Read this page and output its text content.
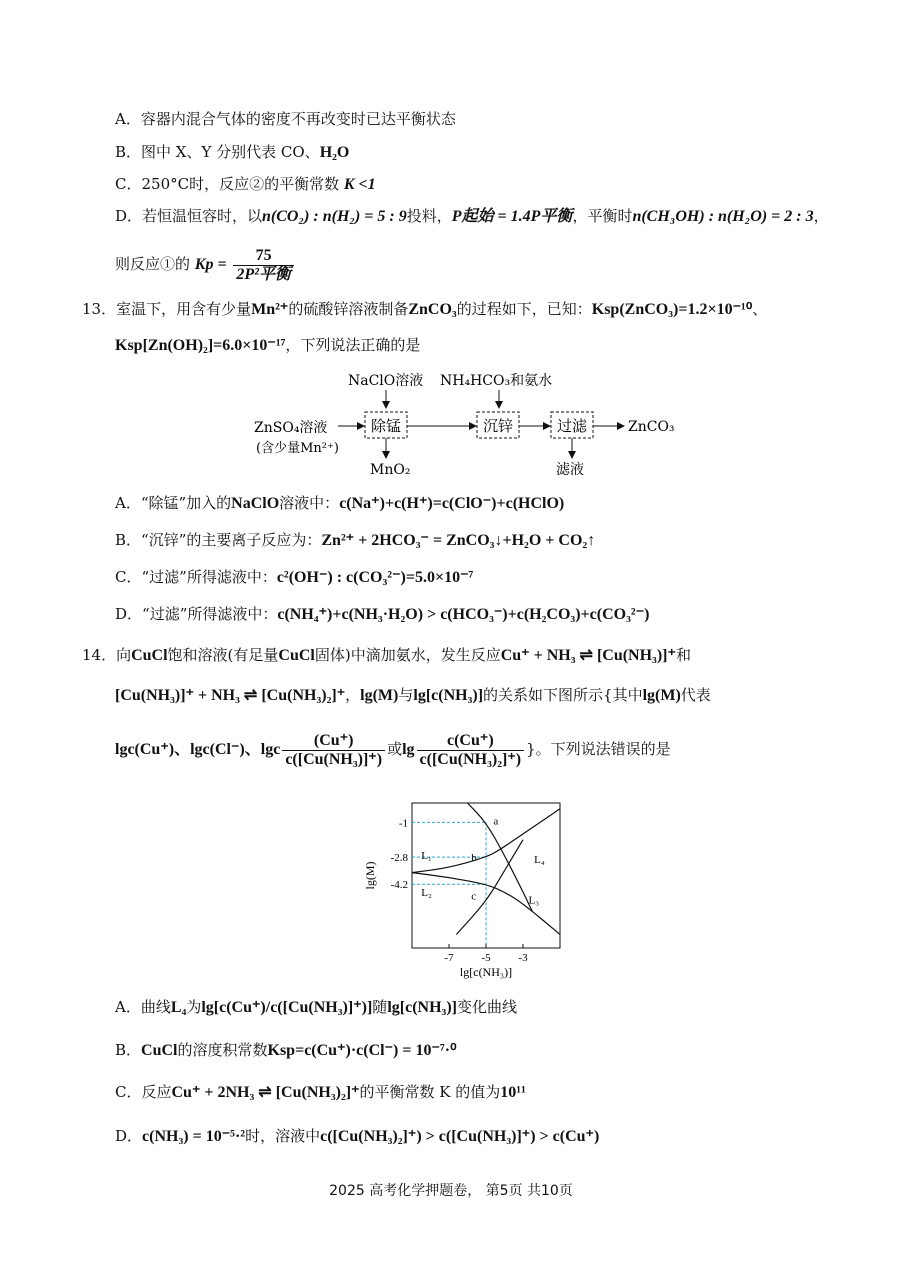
A．容器内混合气体的密度不再改变时已达平衡状态
B．图中 X、Y 分别代表 CO、H₂O
C．250°C时，反应②的平衡常数 K <1
D．若恒温恒容时，以n(CO₂) : n(H₂) = 5 : 9投料，P起始 = 1.4P平衡，平衡时n(CH₃OH) : n(H₂O) = 2 : 3，
则反应①的 $Kp = \frac{75}{\text{2P²平衡}}$
13．室温下，用含有少量Mn²⁺的硫酸锌溶液制备ZnCO₃的过程如下，已知：Ksp(ZnCO₃)=1.2×10⁻¹⁰、
Ksp[Zn(OH)₂]=6.0×10⁻¹⁷，下列说法正确的是
NaClO溶液 NH₄HCO₃和氨水
ZnSO₄溶液
(含少量Mn²⁺)
除锰	沉锌	过滤	ZnCO₃
MnO₂	滤液
A．“除锰”加入的NaClO溶液中：c(Na⁺)+c(H⁺)=c(ClO⁻)+c(HClO)
B．“沉锌”的主要离子反应为：Zn²⁺ + 2HCO₃⁻ = ZnCO₃↓+H₂O + CO₂↑
C．“过滤”所得滤液中：c²(OH⁻) : c(CO₃²⁻)=5.0×10⁻⁷
D．“过滤”所得滤液中：c(NH₄⁺)+c(NH₃·H₂O) > c(HCO₃⁻)+c(H₂CO₃)+c(CO₃²⁻)
14．向CuCl饱和溶液(有足量CuCl固体)中滴加氨水，发生反应Cu⁺ + NH₃ ⇌ [Cu(NH₃)]⁺和
[Cu(NH₃)]⁺ + NH₃ ⇌ [Cu(NH₃)₂]⁺，lg(M)与lg[c(NH₃)]的关系如下图所示{其中lg(M)代表
lgc(Cu⁺)、lgc(Cl⁻)、lgc $\frac{(Cu^+)}{\text{c([Cu(NH₃)]⁺)}}$ 或$\lg \frac{c(Cu^+)}{\text{c([Cu(NH₃)₂]⁺)}}$ }。下列说法错误的是
-7	-5	-3
-1
-2.8
-4.2
lg[c(NH₃)]
lg(M)
L₁
L₂
L₃
L₄
a
b
c
A．曲线L₄为lg[c(Cu⁺)/c([Cu(NH₃)]⁺)]随lg[c(NH₃)]变化曲线
B．CuCl的溶度积常数Ksp=c(Cu⁺)·c(Cl⁻) = 10⁻⁷·⁰
C．反应Cu⁺ + 2NH₃ ⇌ [Cu(NH₃)₂]⁺的平衡常数 K 的值为10¹¹
D．c(NH₃) = 10⁻⁵·²时，溶液中c([Cu(NH₃)₂]⁺) > c([Cu(NH₃)]⁺) > c(Cu⁺)
2025 高考化学押题卷， 第5页 共10页
